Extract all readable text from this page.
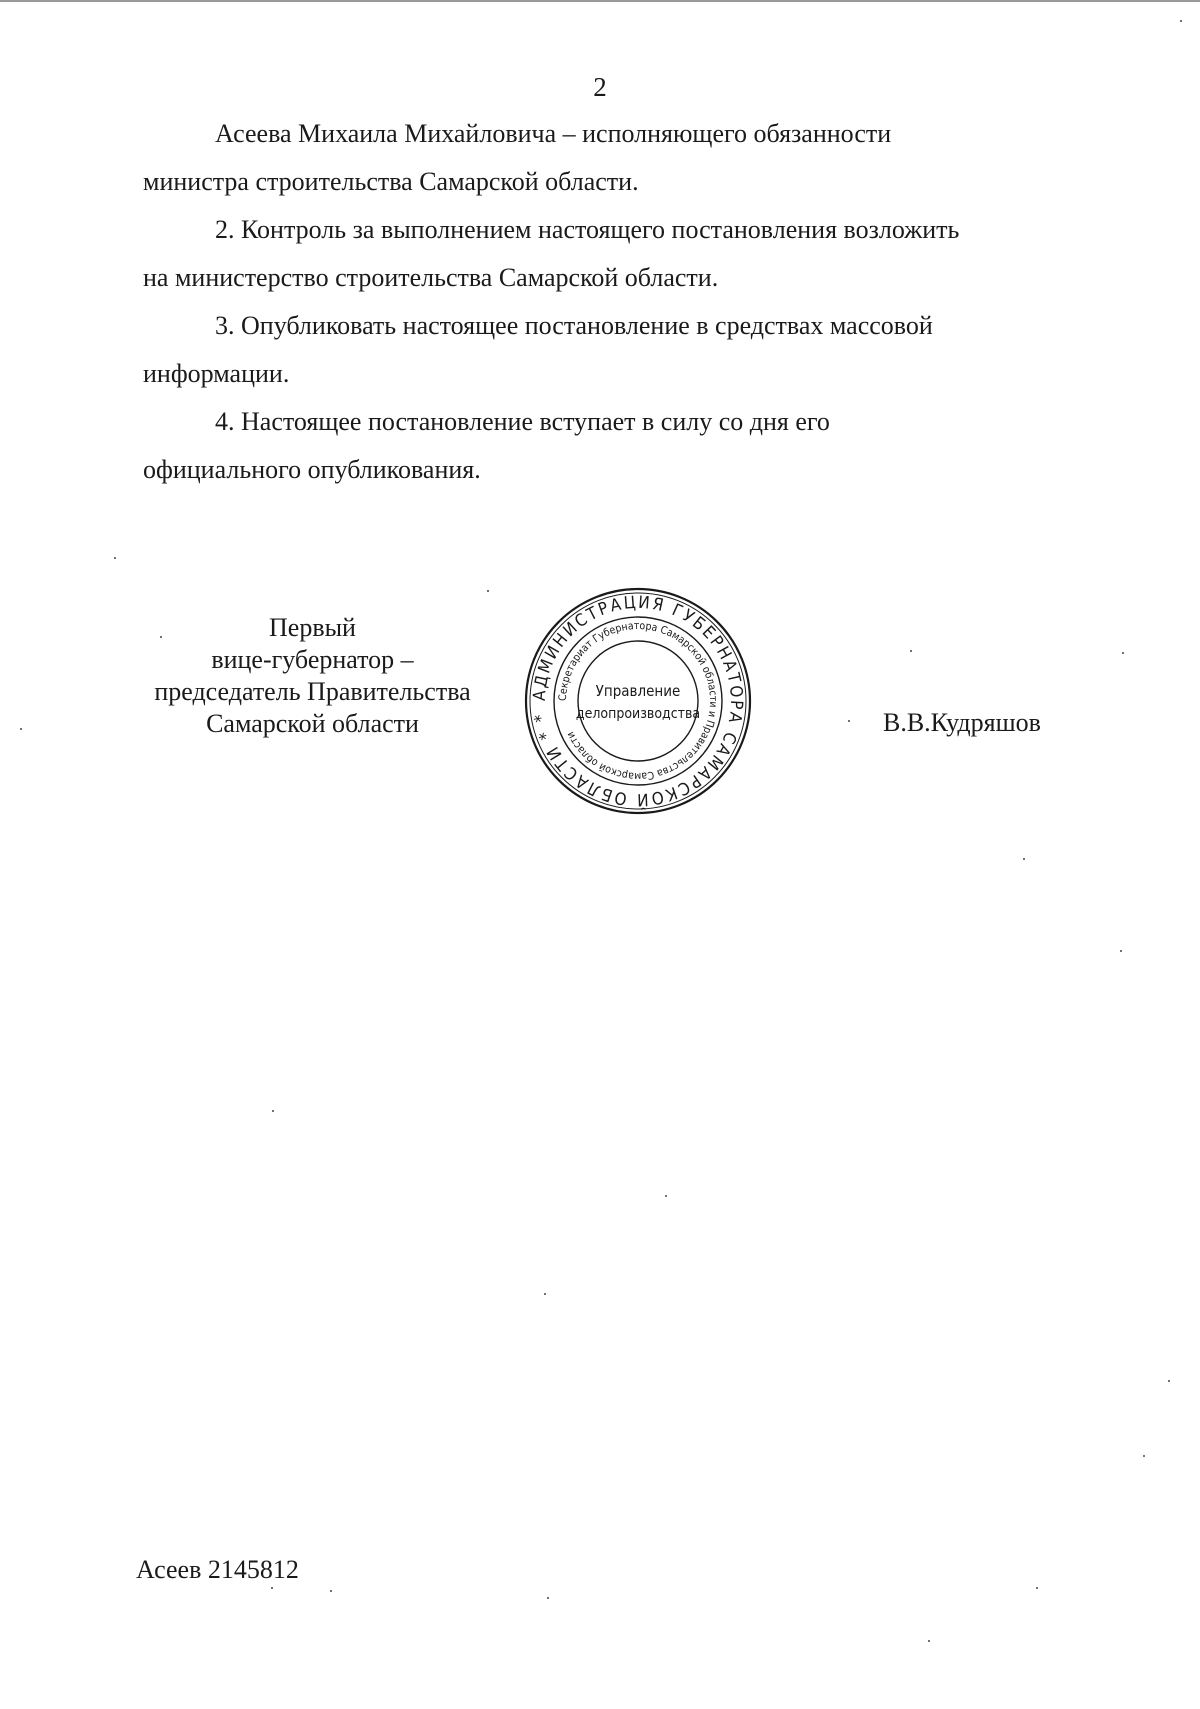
2

Асеева Михаила Михайловича – исполняющего обязанности

министра строительства Самарской области.

2. Контроль за выполнением настоящего постановления возложить

на министерство строительства Самарской области.

3. Опубликовать настоящее постановление в средствах массовой

информации.

4. Настоящее постановление вступает в силу со дня его

официального опубликования.

Первый
вице-губернатор –
председатель Правительства
Самарской области
АДМИНИСТРАЦИЯ ГУБЕРНАТОРА САМАРСКОЙ ОБЛАСТИ * *
Секретариат Губернатора Самарской области и Правительства Самарской области
Управление
делопроизводства	В.В.Кудряшов
Асеев 2145812
